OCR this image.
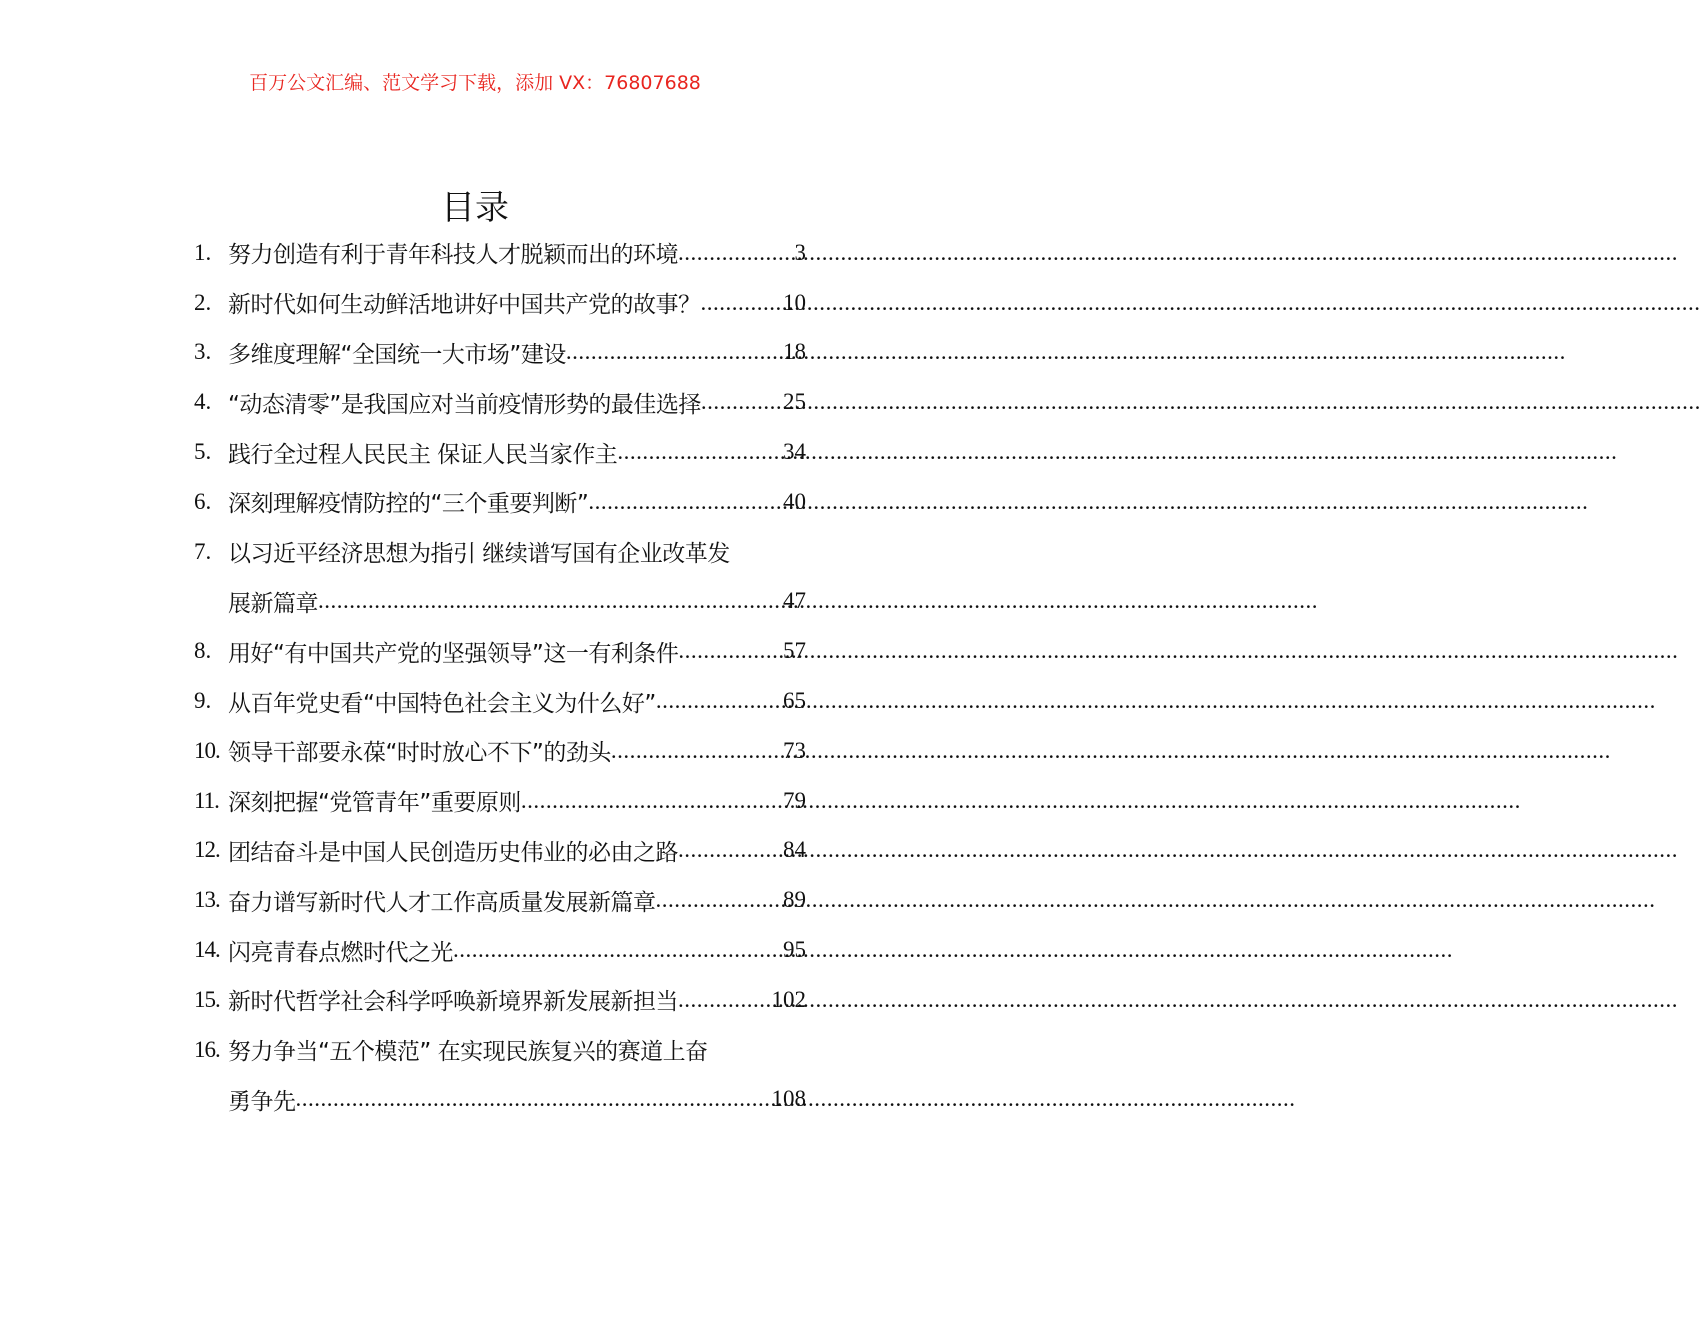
百万公文汇编、范文学习下载，添加 VX：76807688
目录
1. 努力创造有利于青年科技人才脱颖而出的环境 .....	3
2. 新时代如何生动鲜活地讲好中国共产党的故事？ .....	10
3. 多维度理解“全国统一大市场”建设 .....	18
4. “动态清零”是我国应对当前疫情形势的最佳选择 .....	25
5. 践行全过程人民民主 保证人民当家作主 .....	34
6. 深刻理解疫情防控的“三个重要判断” .....	40
7. 以习近平经济思想为指引 继续谱写国有企业改革发
展新篇章 .....	47
8. 用好“有中国共产党的坚强领导”这一有利条件 .....	57
9. 从百年党史看“中国特色社会主义为什么好” .....	65
10. 领导干部要永葆“时时放心不下”的劲头 .....	73
11. 深刻把握“党管青年”重要原则 .....	79
12. 团结奋斗是中国人民创造历史伟业的必由之路 .....	84
13. 奋力谱写新时代人才工作高质量发展新篇章 .....	89
14. 闪亮青春点燃时代之光 .....	95
15. 新时代哲学社会科学呼唤新境界新发展新担当 .....	102
16. 努力争当“五个模范” 在实现民族复兴的赛道上奋
勇争先 .....	108
